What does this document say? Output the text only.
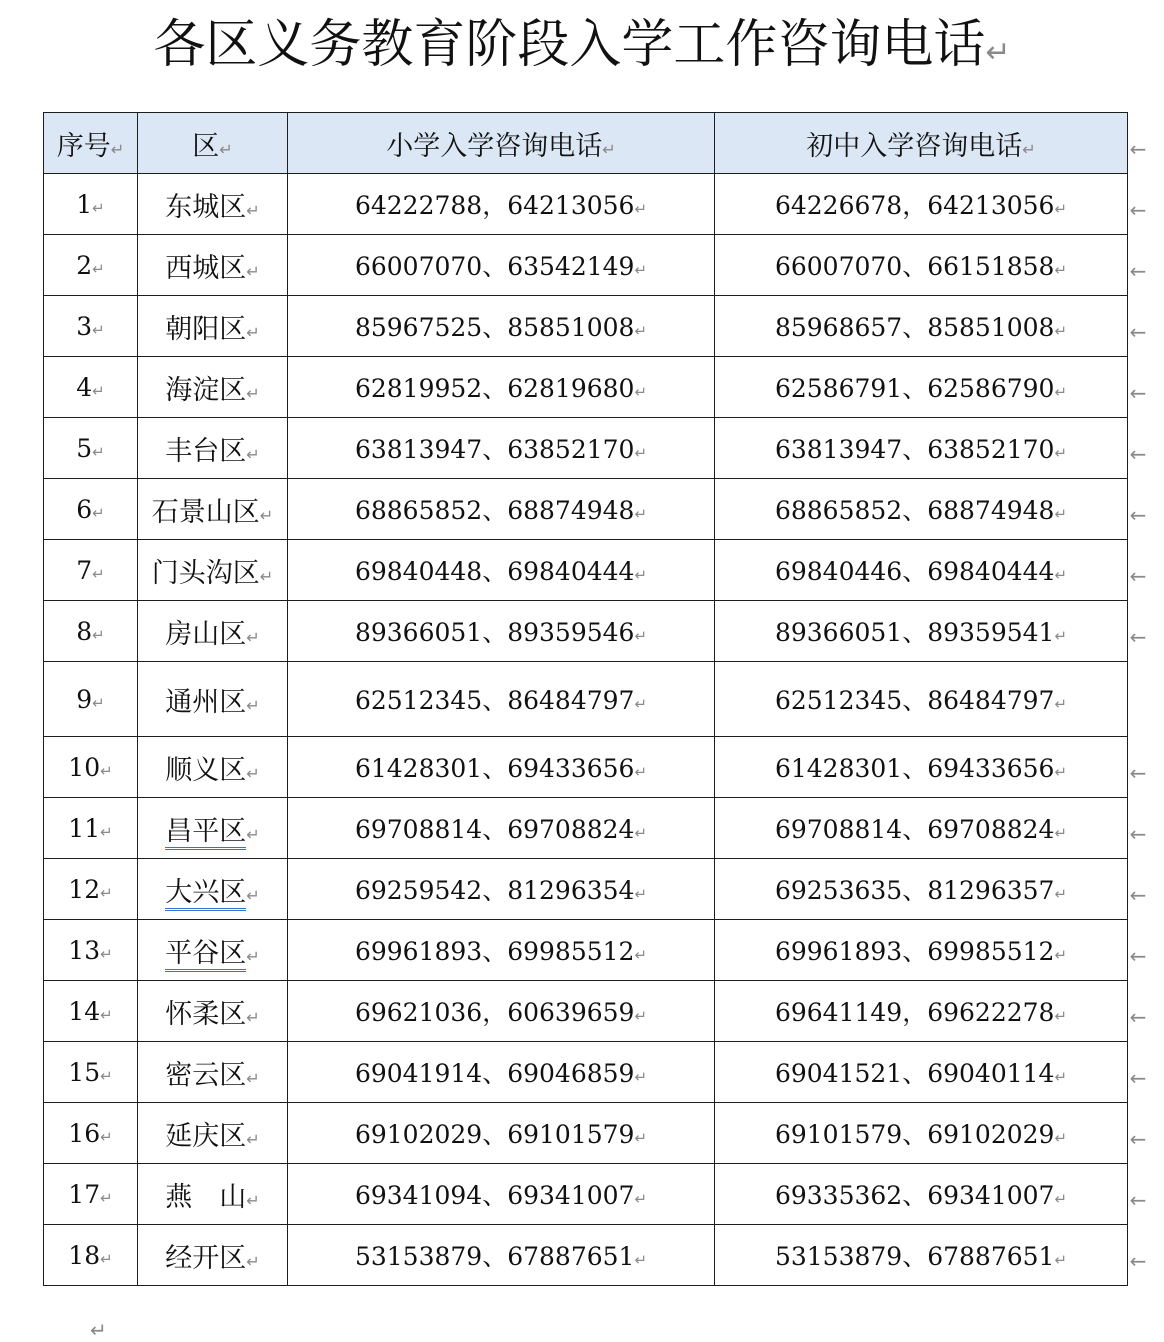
各区义务教育阶段入学工作咨询电话↵
序号↵	区↵	小学入学咨询电话↵	初中入学咨询电话↵
1↵	东城区↵	64222788，64213056↵	64226678，64213056↵
2↵	西城区↵	66007070、63542149↵	66007070、66151858↵
3↵	朝阳区↵	85967525、85851008↵	85968657、85851008↵
4↵	海淀区↵	62819952、62819680↵	62586791、62586790↵
5↵	丰台区↵	63813947、63852170↵	63813947、63852170↵
6↵	石景山区↵	68865852、68874948↵	68865852、68874948↵
7↵	门头沟区↵	69840448、69840444↵	69840446、69840444↵
8↵	房山区↵	89366051、89359546↵	89366051、89359541↵
9↵	通州区↵	62512345、86484797↵	62512345、86484797↵
10↵	顺义区↵	61428301、69433656↵	61428301、69433656↵
11↵	昌平区↵	69708814、69708824↵	69708814、69708824↵
12↵	大兴区↵	69259542、81296354↵	69253635、81296357↵
13↵	平谷区↵	69961893、69985512↵	69961893、69985512↵
14↵	怀柔区↵	69621036，60639659↵	69641149，69622278↵
15↵	密云区↵	69041914、69046859↵	69041521、69040114↵
16↵	延庆区↵	69102029、69101579↵	69101579、69102029↵
17↵	燕　山↵	69341094、69341007↵	69335362、69341007↵
18↵	经开区↵	53153879、67887651↵	53153879、67887651↵
←
←
←
←
←
←
←
←
←
←
←
←
←
←
←
←
←
←
↵
